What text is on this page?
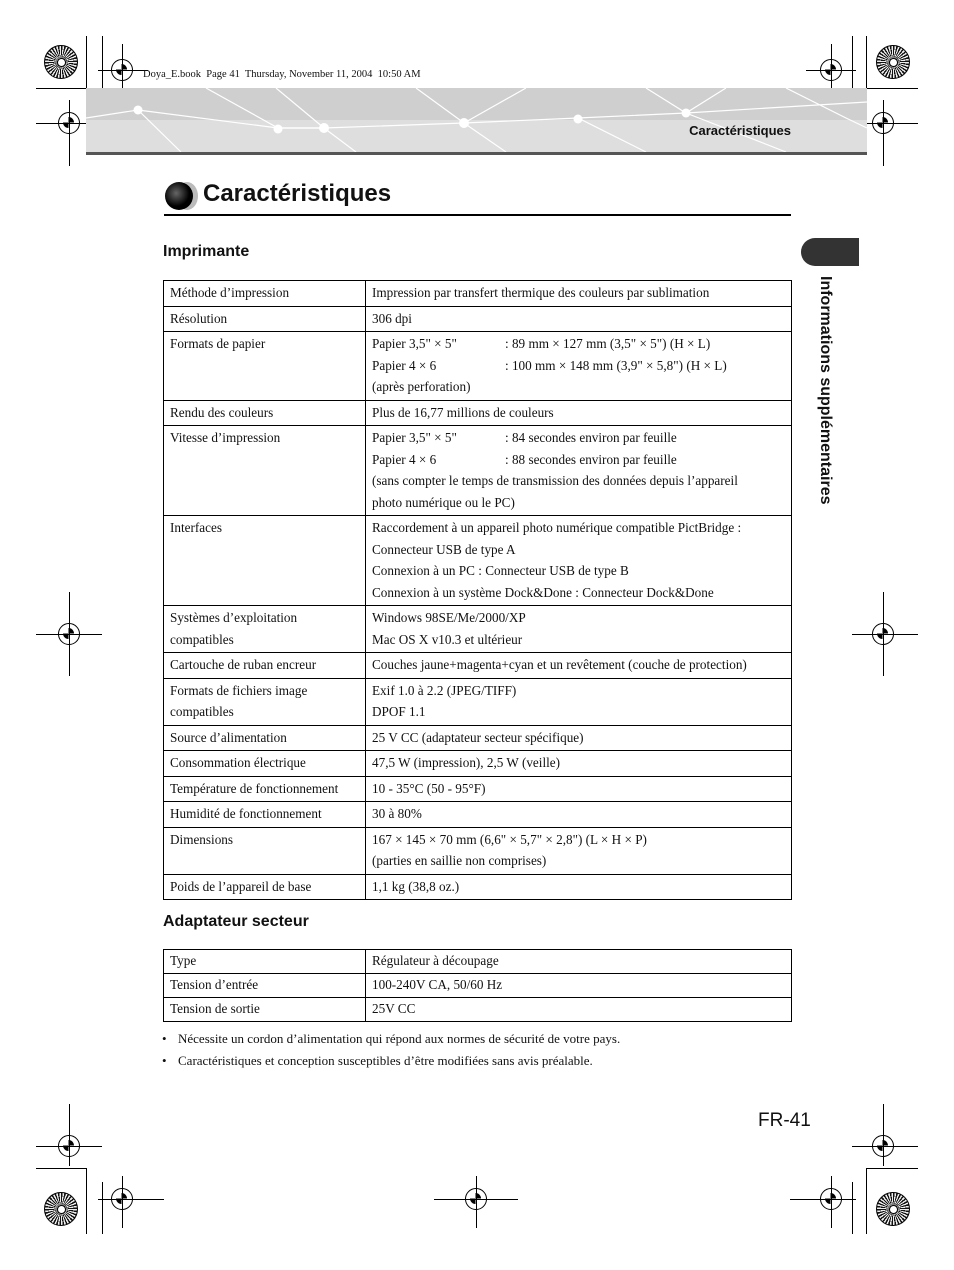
Doya_E.book  Page 41  Thursday, November 11, 2004  10:50 AM
Caractéristiques
Caractéristiques
Informations supplémentaires
Imprimante
Méthode d’impression	Impression par transfert thermique des couleurs par sublimation

Résolution	306 dpi

Formats de papier	Papier 3,5" × 5" : 89 mm × 127 mm (3,5" × 5") (H × L)
Papier 4 × 6 : 100 mm × 148 mm (3,9" × 5,8") (H × L)
(après perforation)

Rendu des couleurs	Plus de 16,77 millions de couleurs

Vitesse d’impression	Papier 3,5" × 5" : 84 secondes environ par feuille
Papier 4 × 6 : 88 secondes environ par feuille
(sans compter le temps de transmission des données depuis l’appareil
photo numérique ou le PC)

Interfaces	Raccordement à un appareil photo numérique compatible PictBridge :
Connecteur USB de type A
Connexion à un PC : Connecteur USB de type B
Connexion à un système Dock&Done : Connecteur Dock&Done

Systèmes d’exploitation
compatibles	Windows 98SE/Me/2000/XP
Mac OS X v10.3 et ultérieur

Cartouche de ruban encreur	Couches jaune+magenta+cyan et un revêtement (couche de protection)

Formats de fichiers image
compatibles	Exif 1.0 à 2.2 (JPEG/TIFF)
DPOF 1.1

Source d’alimentation	25 V CC (adaptateur secteur spécifique)

Consommation électrique	47,5 W (impression), 2,5 W (veille)

Température de fonctionnement	10 - 35°C (50 - 95°F)

Humidité de fonctionnement	30 à 80%

Dimensions	167 × 145 × 70 mm (6,6" × 5,7" × 2,8") (L × H × P)
(parties en saillie non comprises)

Poids de l’appareil de base	1,1 kg (38,8 oz.)
Adaptateur secteur
Type	Régulateur à découpage

Tension d’entrée	100-240V CA, 50/60 Hz

Tension de sortie	25V CC
• Nécessite un cordon d’alimentation qui répond aux normes de sécurité de votre pays.
• Caractéristiques et conception susceptibles d’être modifiées sans avis préalable.
FR-41
